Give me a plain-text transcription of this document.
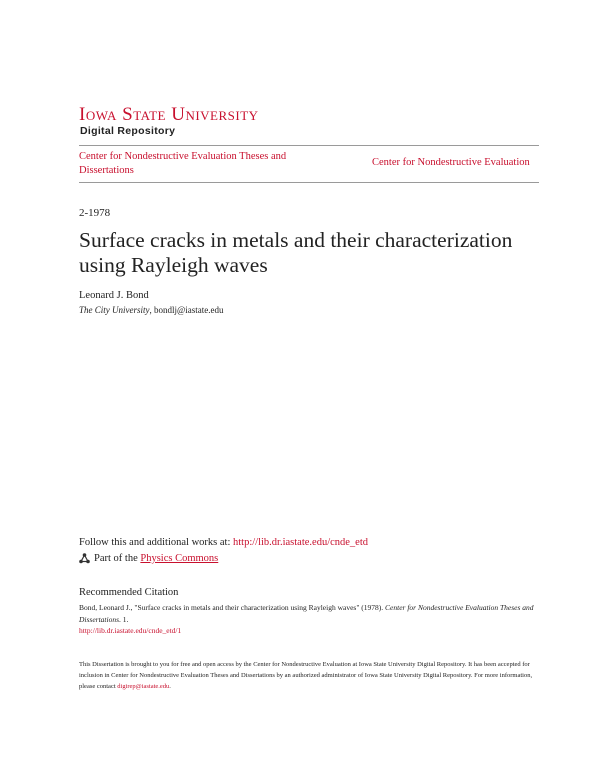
Iowa State University
Digital Repository
Center for Nondestructive Evaluation Theses and Dissertations
Center for Nondestructive Evaluation
2-1978
Surface cracks in metals and their characterization using Rayleigh waves
Leonard J. Bond
The City University, bondlj@iastate.edu
Follow this and additional works at: http://lib.dr.iastate.edu/cnde_etd
Part of the
Physics Commons
Recommended Citation
Bond, Leonard J., "Surface cracks in metals and their characterization using Rayleigh waves" (1978). Center for Nondestructive Evaluation Theses and Dissertations. 1.
http://lib.dr.iastate.edu/cnde_etd/1
This Dissertation is brought to you for free and open access by the Center for Nondestructive Evaluation at Iowa State University Digital Repository. It has been accepted for inclusion in Center for Nondestructive Evaluation Theses and Dissertations by an authorized administrator of Iowa State University Digital Repository. For more information, please contact digirep@iastate.edu.
